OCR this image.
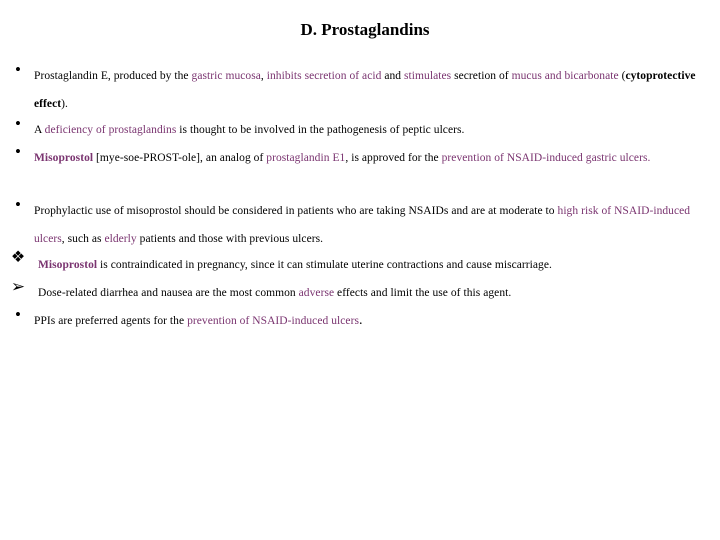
D. Prostaglandins
•	Prostaglandin E, produced by the gastric mucosa, inhibits secretion of acid and stimulates secretion of mucus and bicarbonate (cytoprotective effect).
•	A deficiency of prostaglandins is thought to be involved in the pathogenesis of peptic ulcers.
•	Misoprostol [mye-soe-PROST-ole], an analog of prostaglandin E1, is approved for the prevention of NSAID-induced gastric ulcers.
•	Prophylactic use of misoprostol should be considered in patients who are taking NSAIDs and are at moderate to high risk of NSAID-induced ulcers, such as elderly patients and those with previous ulcers.
❖ Misoprostol is contraindicated in pregnancy, since it can stimulate uterine contractions and cause miscarriage.
➢ Dose-related diarrhea and nausea are the most common adverse effects and limit the use of this agent.
•	PPIs are preferred agents for the prevention of NSAID-induced ulcers.
